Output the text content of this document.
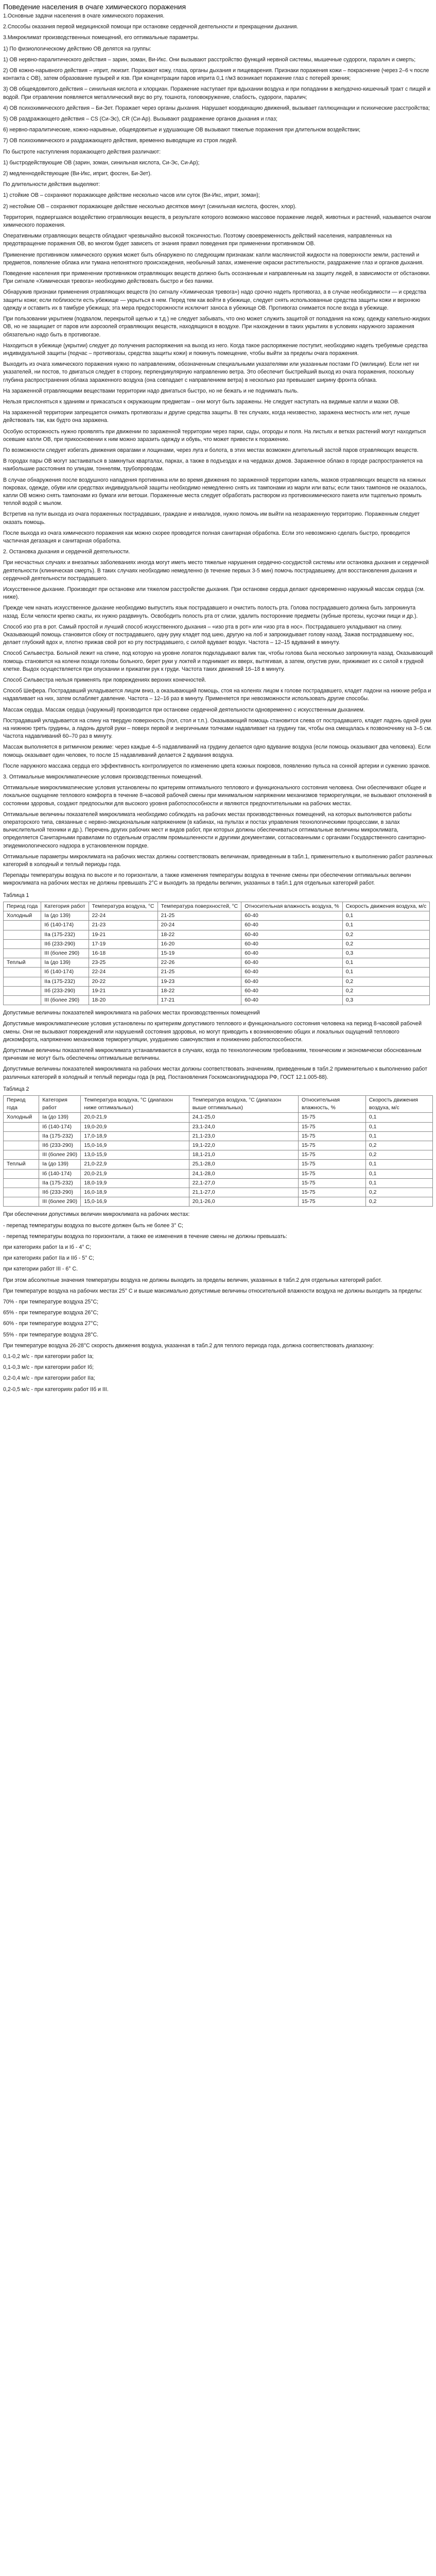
Поведение населения в очаге химического поражения

1.Основные задачи населения в очаге химического поражения.

2.Способы оказания первой медицинской помощи при остановке сердечной деятельности и прекращении дыхания.

3.Микроклимат производственных помещений, его оптимальные параметры.

1) По физиологическому действию ОВ делятся на группы:

1) ОВ нервно-паралитического действия – зарин, зоман, Ви-Икс. Они вызывают расстройство функций нервной системы, мышечные судороги, паралич и смерть;

2) ОВ кожно-нарывного действия – иприт, люизит. Поражают кожу, глаза, органы дыхания и пищеварения. Признаки поражения кожи – покраснение (через 2–6 ч после контакта с ОВ), затем образование пузырей и язв. При концентрации паров иприта 0,1 г/м3 возникает поражение глаз с потерей зрения;

3) ОВ общеядовитого действия – синильная кислота и хлорциан. Поражение наступает при вдыхании воздуха и при попадании в желудочно-кишечный тракт с пищей и водой. При отравлении появляется металлический вкус во рту, тошнота, головокружение, слабость, судороги, паралич;

4) ОВ психохимического действия – Би-Зет. Поражает через органы дыхания. Нарушает координацию движений, вызывает галлюцинации и психические расстройства;

5) ОВ раздражающего действия – CS (Си-Эс), CR (Си-Ар). Вызывают раздражение органов дыхания и глаз;

6) нервно-паралитические, кожно-нарывные, общеядовитые и удушающие ОВ вызывают тяжелые поражения при длительном воздействии;

7) ОВ психохимического и раздражающего действия, временно выводящие из строя людей.

По быстроте наступления поражающего действия различают:

1) быстродействующие ОВ (зарин, зоман, синильная кислота, Си-Эс, Си-Ар);

2) медленнодействующие (Ви-Икс, иприт, фосген, Би-Зет).

По длительности действия выделяют:

1) стойкие ОВ – сохраняют поражающее действие несколько часов или суток (Ви-Икс, иприт, зоман);

2) нестойкие ОВ – сохраняют поражающее действие несколько десятков минут (синильная кислота, фосген, хлор).

Территория, подвергшаяся воздействию отравляющих веществ, в результате которого возможно массовое поражение людей, животных и растений, называется очагом химического поражения.

Оперативными отравляющих веществ обладают чрезвычайно высокой токсичностью. Поэтому своевременность действий населения, направленных на предотвращение поражения ОВ, во многом будет зависеть от знания правил поведения при применении противником ОВ.

Применение противником химического оружия может быть обнаружено по следующим признакам: капли маслянистой жидкости на поверхности земли, растений и предметов, появление облака или тумана непонятного происхождения, необычный запах, изменение окраски растительности, раздражение глаз и органов дыхания.

Поведение населения при применении противником отравляющих веществ должно быть осознанным и направленным на защиту людей, в зависимости от обстановки. При сигнале «Химическая тревога» необходимо действовать быстро и без паники.

Обнаружив признаки применения отравляющих веществ (по сигналу «Химическая тревога») надо срочно надеть противогаз, а в случае необходимости — и средства защиты кожи; если поблизости есть убежище — укрыться в нем. Перед тем как войти в убежище, следует снять использованные средства защиты кожи и верхнюю одежду и оставить их в тамбуре убежища; эта мера предосторожности исключит заноса в убежище ОВ. Противогаз снимается после входа в убежище.

При пользовании укрытием (подвалом, перекрытой щелью и т.д.) не следует забывать, что оно может служить защитой от попадания на кожу, одежду капельно-жидких ОВ, но не защищает от паров или аэрозолей отравляющих веществ, находящихся в воздухе. При нахождении в таких укрытиях в условиях наружного заражения обязательно надо быть в противогазе.

Находиться в убежище (укрытии) следует до получения распоряжения на выход из него. Когда такое распоряжение поступит, необходимо надеть требуемые средства индивидуальной защиты (подчас – противогазы, средства защиты кожи) и покинуть помещение, чтобы выйти за пределы очага поражения.

Выходить из очага химического поражения нужно по направлениям, обозначенным специальными указателями или указанным постами ГО (милиции). Если нет ни указателей, ни постов, то двигаться следует в сторону, перпендикулярную направлению ветра. Это обеспечит быстрейший выход из очага поражения, поскольку глубина распространения облака зараженного воздуха (она совпадает с направлением ветра) в несколько раз превышает ширину фронта облака.

На зараженной отравляющими веществами территории надо двигаться быстро, но не бежать и не поднимать пыль.

Нельзя прислоняться к зданиям и прикасаться к окружающим предметам – они могут быть заражены. Не следует наступать на видимые капли и мазки ОВ.

На зараженной территории запрещается снимать противогазы и другие средства защиты. В тех случаях, когда неизвестно, заражена местность или нет, лучше действовать так, как будто она заражена.

Особую осторожность нужно проявлять при движении по зараженной территории через парки, сады, огороды и поля. На листьях и ветках растений могут находиться осевшие капли ОВ, при прикосновении к ним можно заразить одежду и обувь, что может привести к поражению.

По возможности следует избегать движения оврагами и лощинами, через луга и болота, в этих местах возможен длительный застой паров отравляющих веществ.

В городах пары ОВ могут застаиваться в замкнутых кварталах, парках, а также в подъездах и на чердаках домов. Зараженное облако в городе распространяется на наибольшие расстояния по улицам, тоннелям, трубопроводам.

В случае обнаружения после воздушного нападения противника или во время движения по зараженной территории капель, мазков отравляющих веществ на кожных покровах, одежде, обуви или средствах индивидуальной защиты необходимо немедленно снять их тампонами из марли или ваты; если таких тампонов не оказалось, капли ОВ можно снять тампонами из бумаги или ветоши. Пораженные места следует обработать раствором из противохимического пакета или тщательно промыть теплой водой с мылом.

Встретив на пути выхода из очага пораженных пострадавших, граждане и инвалидов, нужно помочь им выйти на незараженную территорию. Пораженным следует оказать помощь.

После выхода из очага химического поражения как можно скорее проводится полная санитарная обработка. Если это невозможно сделать быстро, проводится частичная дегазация и санитарная обработка.

2. Остановка дыхания и сердечной деятельности.

При несчастных случаях и внезапных заболеваниях иногда могут иметь место тяжелые нарушения сердечно-сосудистой системы или остановка дыхания и сердечной деятельности (клиническая смерть). В таких случаях необходимо немедленно (в течение первых 3-5 мин) помочь пострадавшему, для восстановления дыхания и сердечной деятельности пострадавшего.

Искусственное дыхание. Производят при остановке или тяжелом расстройстве дыхания. При остановке сердца делают одновременно наружный массаж сердца (см. ниже).

Прежде чем начать искусственное дыхание необходимо выпустить язык пострадавшего и очистить полость рта. Голова пострадавшего должна быть запрокинута назад. Если челюсти крепко сжаты, их нужно раздвинуть. Освободить полость рта от слизи, удалить посторонние предметы (зубные протезы, кусочки пищи и др.).

Способ изо рта в рот. Самый простой и лучший способ искусственного дыхания – «изо рта в рот» или «изо рта в нос». Пострадавшего укладывают на спину. Оказывающий помощь становится сбоку от пострадавшего, одну руку кладет под шею, другую на лоб и запрокидывает голову назад. Зажав пострадавшему нос, делает глубокий вдох и, плотно прижав свой рот ко рту пострадавшего, с силой вдувает воздух. Частота – 12–15 вдуваний в минуту.

Способ Сильвестра. Больной лежит на спине, под которую на уровне лопаток подкладывают валик так, чтобы голова была несколько запрокинута назад. Оказывающий помощь становится на колени позади головы больного, берет руки у локтей и поднимает их вверх, вытягивая, а затем, опустив руки, прижимает их с силой к грудной клетке. Выдох осуществляется при опускании и прижатии рук к груди. Частота таких движений 16–18 в минуту.

Способ Сильвестра нельзя применять при повреждениях верхних конечностей.

Способ Шефера. Пострадавший укладывается лицом вниз, а оказывающий помощь, стоя на коленях лицом к голове пострадавшего, кладет ладони на нижние ребра и надавливает на них, затем ослабляет давление. Частота – 12–16 раз в минуту. Применяется при невозможности использовать другие способы.

Массаж сердца. Массаж сердца (наружный) производится при остановке сердечной деятельности одновременно с искусственным дыханием.

Пострадавший укладывается на спину на твердую поверхность (пол, стол и т.п.). Оказывающий помощь становится слева от пострадавшего, кладет ладонь одной руки на нижнюю треть грудины, а ладонь другой руки – поверх первой и энергичными толчками надавливает на грудину так, чтобы она смещалась к позвоночнику на 3–5 см. Частота надавливаний 60–70 раз в минуту.

Массаж выполняется в ритмичном режиме: через каждые 4–5 надавливаний на грудину делается одно вдувание воздуха (если помощь оказывают два человека). Если помощь оказывает один человек, то после 15 надавливаний делается 2 вдувания воздуха.

После наружного массажа сердца его эффективность контролируется по изменению цвета кожных покровов, появлению пульса на сонной артерии и сужению зрачков.

3. Оптимальные микроклиматические условия производственных помещений.

Оптимальные микроклиматические условия установлены по критериям оптимального теплового и функционального состояния человека. Они обеспечивают общее и локальное ощущение теплового комфорта в течение 8-часовой рабочей смены при минимальном напряжении механизмов терморегуляции, не вызывают отклонений в состоянии здоровья, создают предпосылки для высокого уровня работоспособности и являются предпочтительными на рабочих местах.

Оптимальные величины показателей микроклимата необходимо соблюдать на рабочих местах производственных помещений, на которых выполняются работы операторского типа, связанные с нервно-эмоциональным напряжением (в кабинах, на пультах и постах управления технологическими процессами, в залах вычислительной техники и др.). Перечень других рабочих мест и видов работ, при которых должны обеспечиваться оптимальные величины микроклимата, определяется Санитарными правилами по отдельным отраслям промышленности и другими документами, согласованными с органами Государственного санитарно-эпидемиологического надзора в установленном порядке.

Оптимальные параметры микроклимата на рабочих местах должны соответствовать величинам, приведенным в табл.1, применительно к выполнению работ различных категорий в холодный и теплый периоды года.

Перепады температуры воздуха по высоте и по горизонтали, а также изменения температуры воздуха в течение смены при обеспечении оптимальных величин микроклимата на рабочих местах не должны превышать 2°С и выходить за пределы величин, указанных в табл.1 для отдельных категорий работ.

Таблица 1

Период года	Категория работ	Температура воздуха, °С	Температура поверхностей, °С	Относительная влажность воздуха, %	Скорость движения воздуха, м/с
Холодный	Iа (до 139)	22-24	21-25	60-40	0,1
	Iб (140-174)	21-23	20-24	60-40	0,1
	IIа (175-232)	19-21	18-22	60-40	0,2
	IIб (233-290)	17-19	16-20	60-40	0,2
	III (более 290)	16-18	15-19	60-40	0,3
Теплый	Iа (до 139)	23-25	22-26	60-40	0,1
	Iб (140-174)	22-24	21-25	60-40	0,1
	IIа (175-232)	20-22	19-23	60-40	0,2
	IIб (233-290)	19-21	18-22	60-40	0,2
	III (более 290)	18-20	17-21	60-40	0,3

Допустимые величины показателей микроклимата на рабочих местах производственных помещений

Допустимые микроклиматические условия установлены по критериям допустимого теплового и функционального состояния человека на период 8-часовой рабочей смены. Они не вызывают повреждений или нарушений состояния здоровья, но могут приводить к возникновению общих и локальных ощущений теплового дискомфорта, напряжению механизмов терморегуляции, ухудшению самочувствия и понижению работоспособности.

Допустимые величины показателей микроклимата устанавливаются в случаях, когда по технологическим требованиям, техническим и экономически обоснованным причинам не могут быть обеспечены оптимальные величины.

Допустимые величины показателей микроклимата на рабочих местах должны соответствовать значениям, приведенным в табл.2 применительно к выполнению работ различных категорий в холодный и теплый периоды года (в ред. Постановления Госкомсанэпиднадзора РФ, ГОСТ 12.1.005-88).

Таблица 2

Период года	Категория работ	Температура воздуха, °С (диапазон ниже оптимальных)	Температура воздуха, °С (диапазон выше оптимальных)	Относительная влажность, %	Скорость движения воздуха, м/с
Холодный	Iа (до 139)	20,0-21,9	24,1-25,0	15-75	0,1
	Iб (140-174)	19,0-20,9	23,1-24,0	15-75	0,1
	IIа (175-232)	17,0-18,9	21,1-23,0	15-75	0,1
	IIб (233-290)	15,0-16,9	19,1-22,0	15-75	0,2
	III (более 290)	13,0-15,9	18,1-21,0	15-75	0,2
Теплый	Iа (до 139)	21,0-22,9	25,1-28,0	15-75	0,1
	Iб (140-174)	20,0-21,9	24,1-28,0	15-75	0,1
	IIа (175-232)	18,0-19,9	22,1-27,0	15-75	0,1
	IIб (233-290)	16,0-18,9	21,1-27,0	15-75	0,2
	III (более 290)	15,0-16,9	20,1-26,0	15-75	0,2

При обеспечении допустимых величин микроклимата на рабочих местах:

- перепад температуры воздуха по высоте должен быть не более 3° С;

- перепад температуры воздуха по горизонтали, а также ее изменения в течение смены не должны превышать:

при категориях работ Iа и Iб - 4° С;

при категориях работ IIа и IIб - 5° С;

при категории работ III - 6° С.

При этом абсолютные значения температуры воздуха не должны выходить за пределы величин, указанных в табл.2 для отдельных категорий работ.

При температуре воздуха на рабочих местах 25° С и выше максимально допустимые величины относительной влажности воздуха не должны выходить за пределы:

70% - при температуре воздуха 25°С;

65% - при температуре воздуха 26°С;

60% - при температуре воздуха 27°С;

55% - при температуре воздуха 28°С.

При температуре воздуха 26-28°С скорость движения воздуха, указанная в табл.2 для теплого периода года, должна соответствовать диапазону:

0,1-0,2 м/с - при категории работ Iа;

0,1-0,3 м/с - при категории работ Iб;

0,2-0,4 м/с - при категории работ IIа;

0,2-0,5 м/с - при категориях работ IIб и III.
